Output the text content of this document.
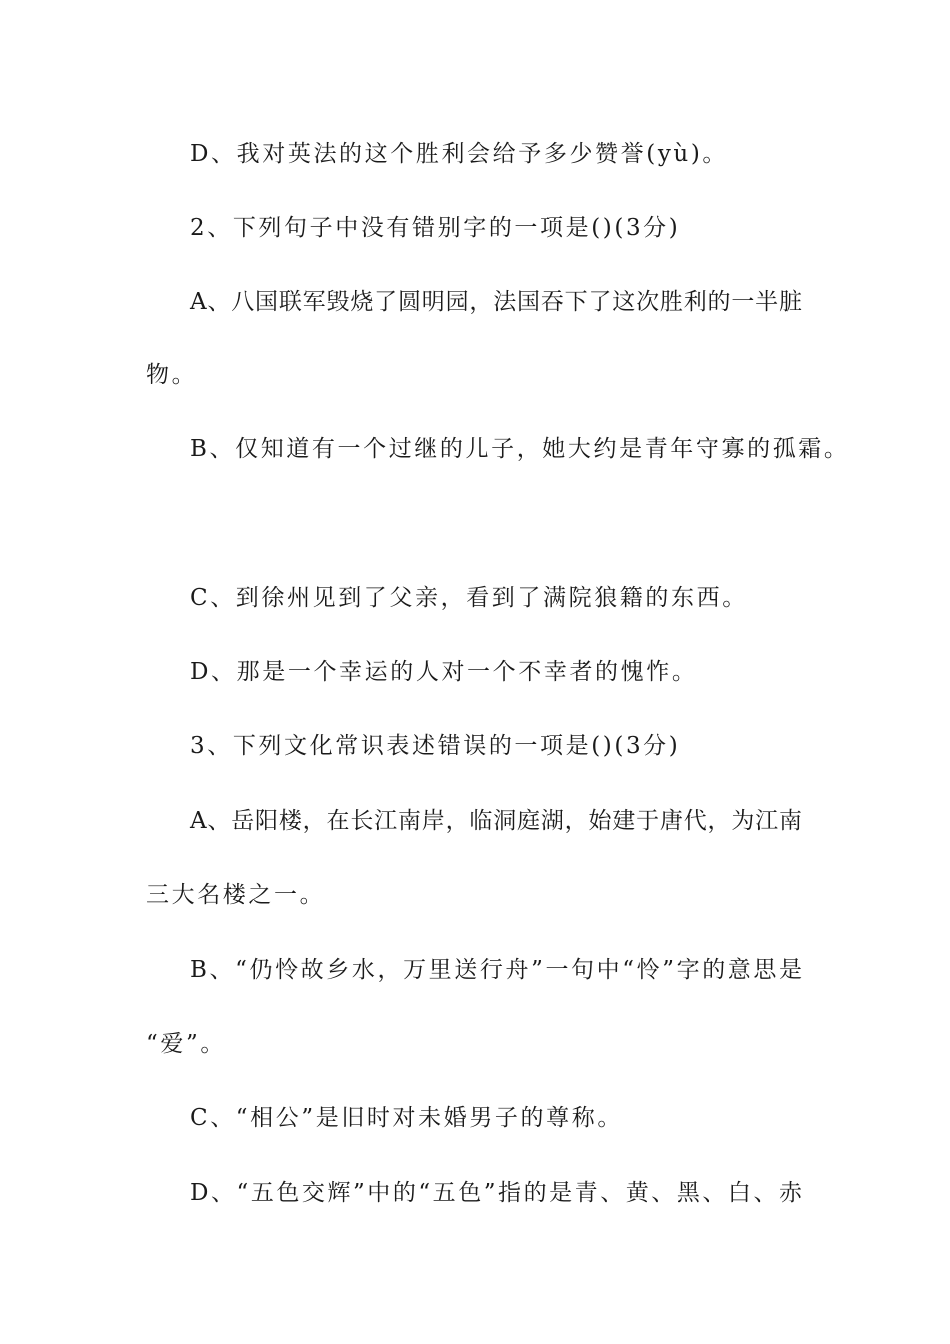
D、我对英法的这个胜利会给予多少赞誉(yù)。
2、下列句子中没有错别字的一项是()(3分)
A、八国联军毁烧了圆明园，法国吞下了这次胜利的一半脏
物。
B、仅知道有一个过继的儿子，她大约是青年守寡的孤霜。
C、到徐州见到了父亲，看到了满院狼籍的东西。
D、那是一个幸运的人对一个不幸者的愧怍。
3、下列文化常识表述错误的一项是()(3分)
A、岳阳楼，在长江南岸，临洞庭湖，始建于唐代，为江南
三大名楼之一。
B、“仍怜故乡水，万里送行舟”一句中“怜”字的意思是
“爱”。
C、“相公”是旧时对未婚男子的尊称。
D、“五色交辉”中的“五色”指的是青、黄、黑、白、赤
